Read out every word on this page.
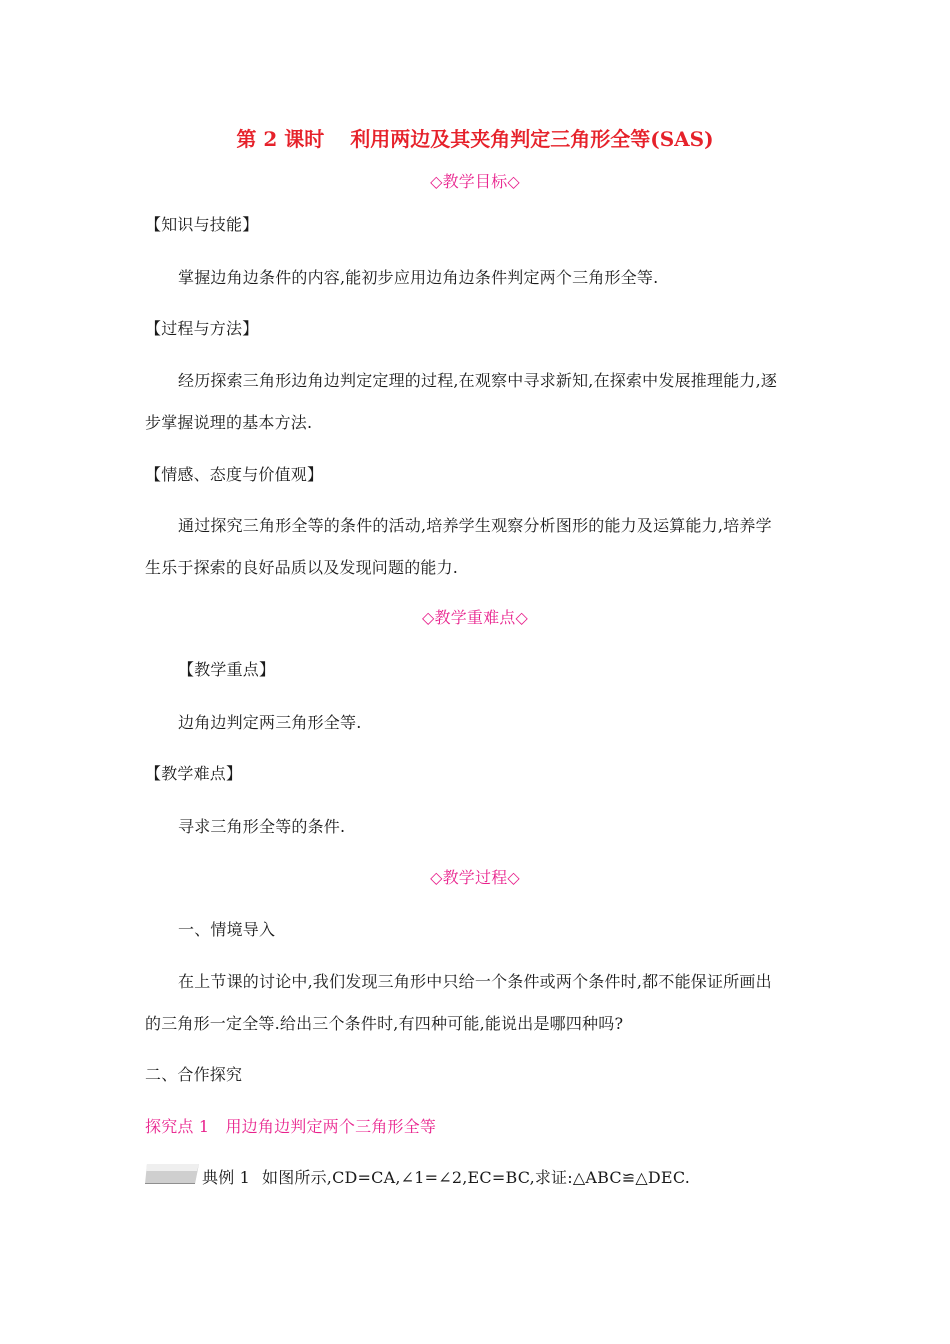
第 2 课时 利用两边及其夹角判定三角形全等(SAS)
◇教学目标◇
【知识与技能】
掌握边角边条件的内容,能初步应用边角边条件判定两个三角形全等.
【过程与方法】
经历探索三角形边角边判定定理的过程,在观察中寻求新知,在探索中发展推理能力,逐
步掌握说理的基本方法.
【情感、态度与价值观】
通过探究三角形全等的条件的活动,培养学生观察分析图形的能力及运算能力,培养学
生乐于探索的良好品质以及发现问题的能力.
◇教学重难点◇
【教学重点】
边角边判定两三角形全等.
【教学难点】
寻求三角形全等的条件.
◇教学过程◇
一、情境导入
在上节课的讨论中,我们发现三角形中只给一个条件或两个条件时,都不能保证所画出
的三角形一定全等.给出三个条件时,有四种可能,能说出是哪四种吗?
二、合作探究
探究点 1　用边角边判定两个三角形全等
典例 1 如图所示,CD=CA,∠1=∠2,EC=BC,求证:△ABC≌△DEC.
